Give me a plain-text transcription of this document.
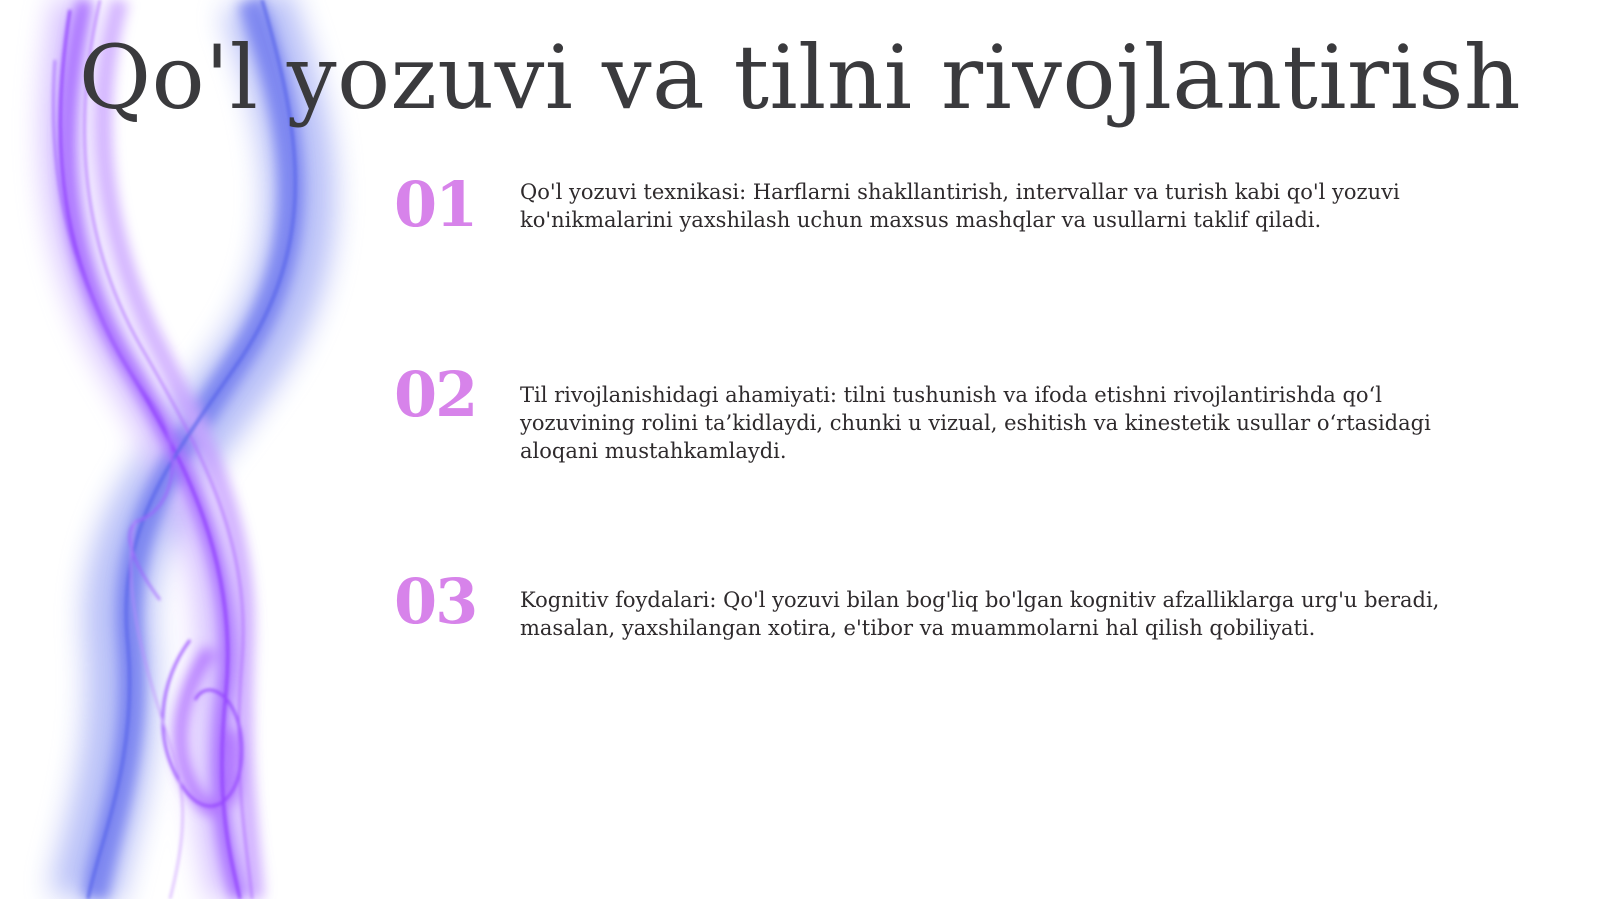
Qo'l yozuvi va tilni rivojlantirish
01	Qo'l yozuvi texnikasi: Harflarni shakllantirish, intervallar va turish kabi qo'l yozuvi ko'nikmalarini yaxshilash uchun maxsus mashqlar va usullarni taklif qiladi.
02	Til rivojlanishidagi ahamiyati: tilni tushunish va ifoda etishni rivojlantirishda qo‘l yozuvining rolini ta’kidlaydi, chunki u vizual, eshitish va kinestetik usullar o‘rtasidagi aloqani mustahkamlaydi.
03	Kognitiv foydalari: Qo'l yozuvi bilan bog'liq bo'lgan kognitiv afzalliklarga urg'u beradi, masalan, yaxshilangan xotira, e'tibor va muammolarni hal qilish qobiliyati.
